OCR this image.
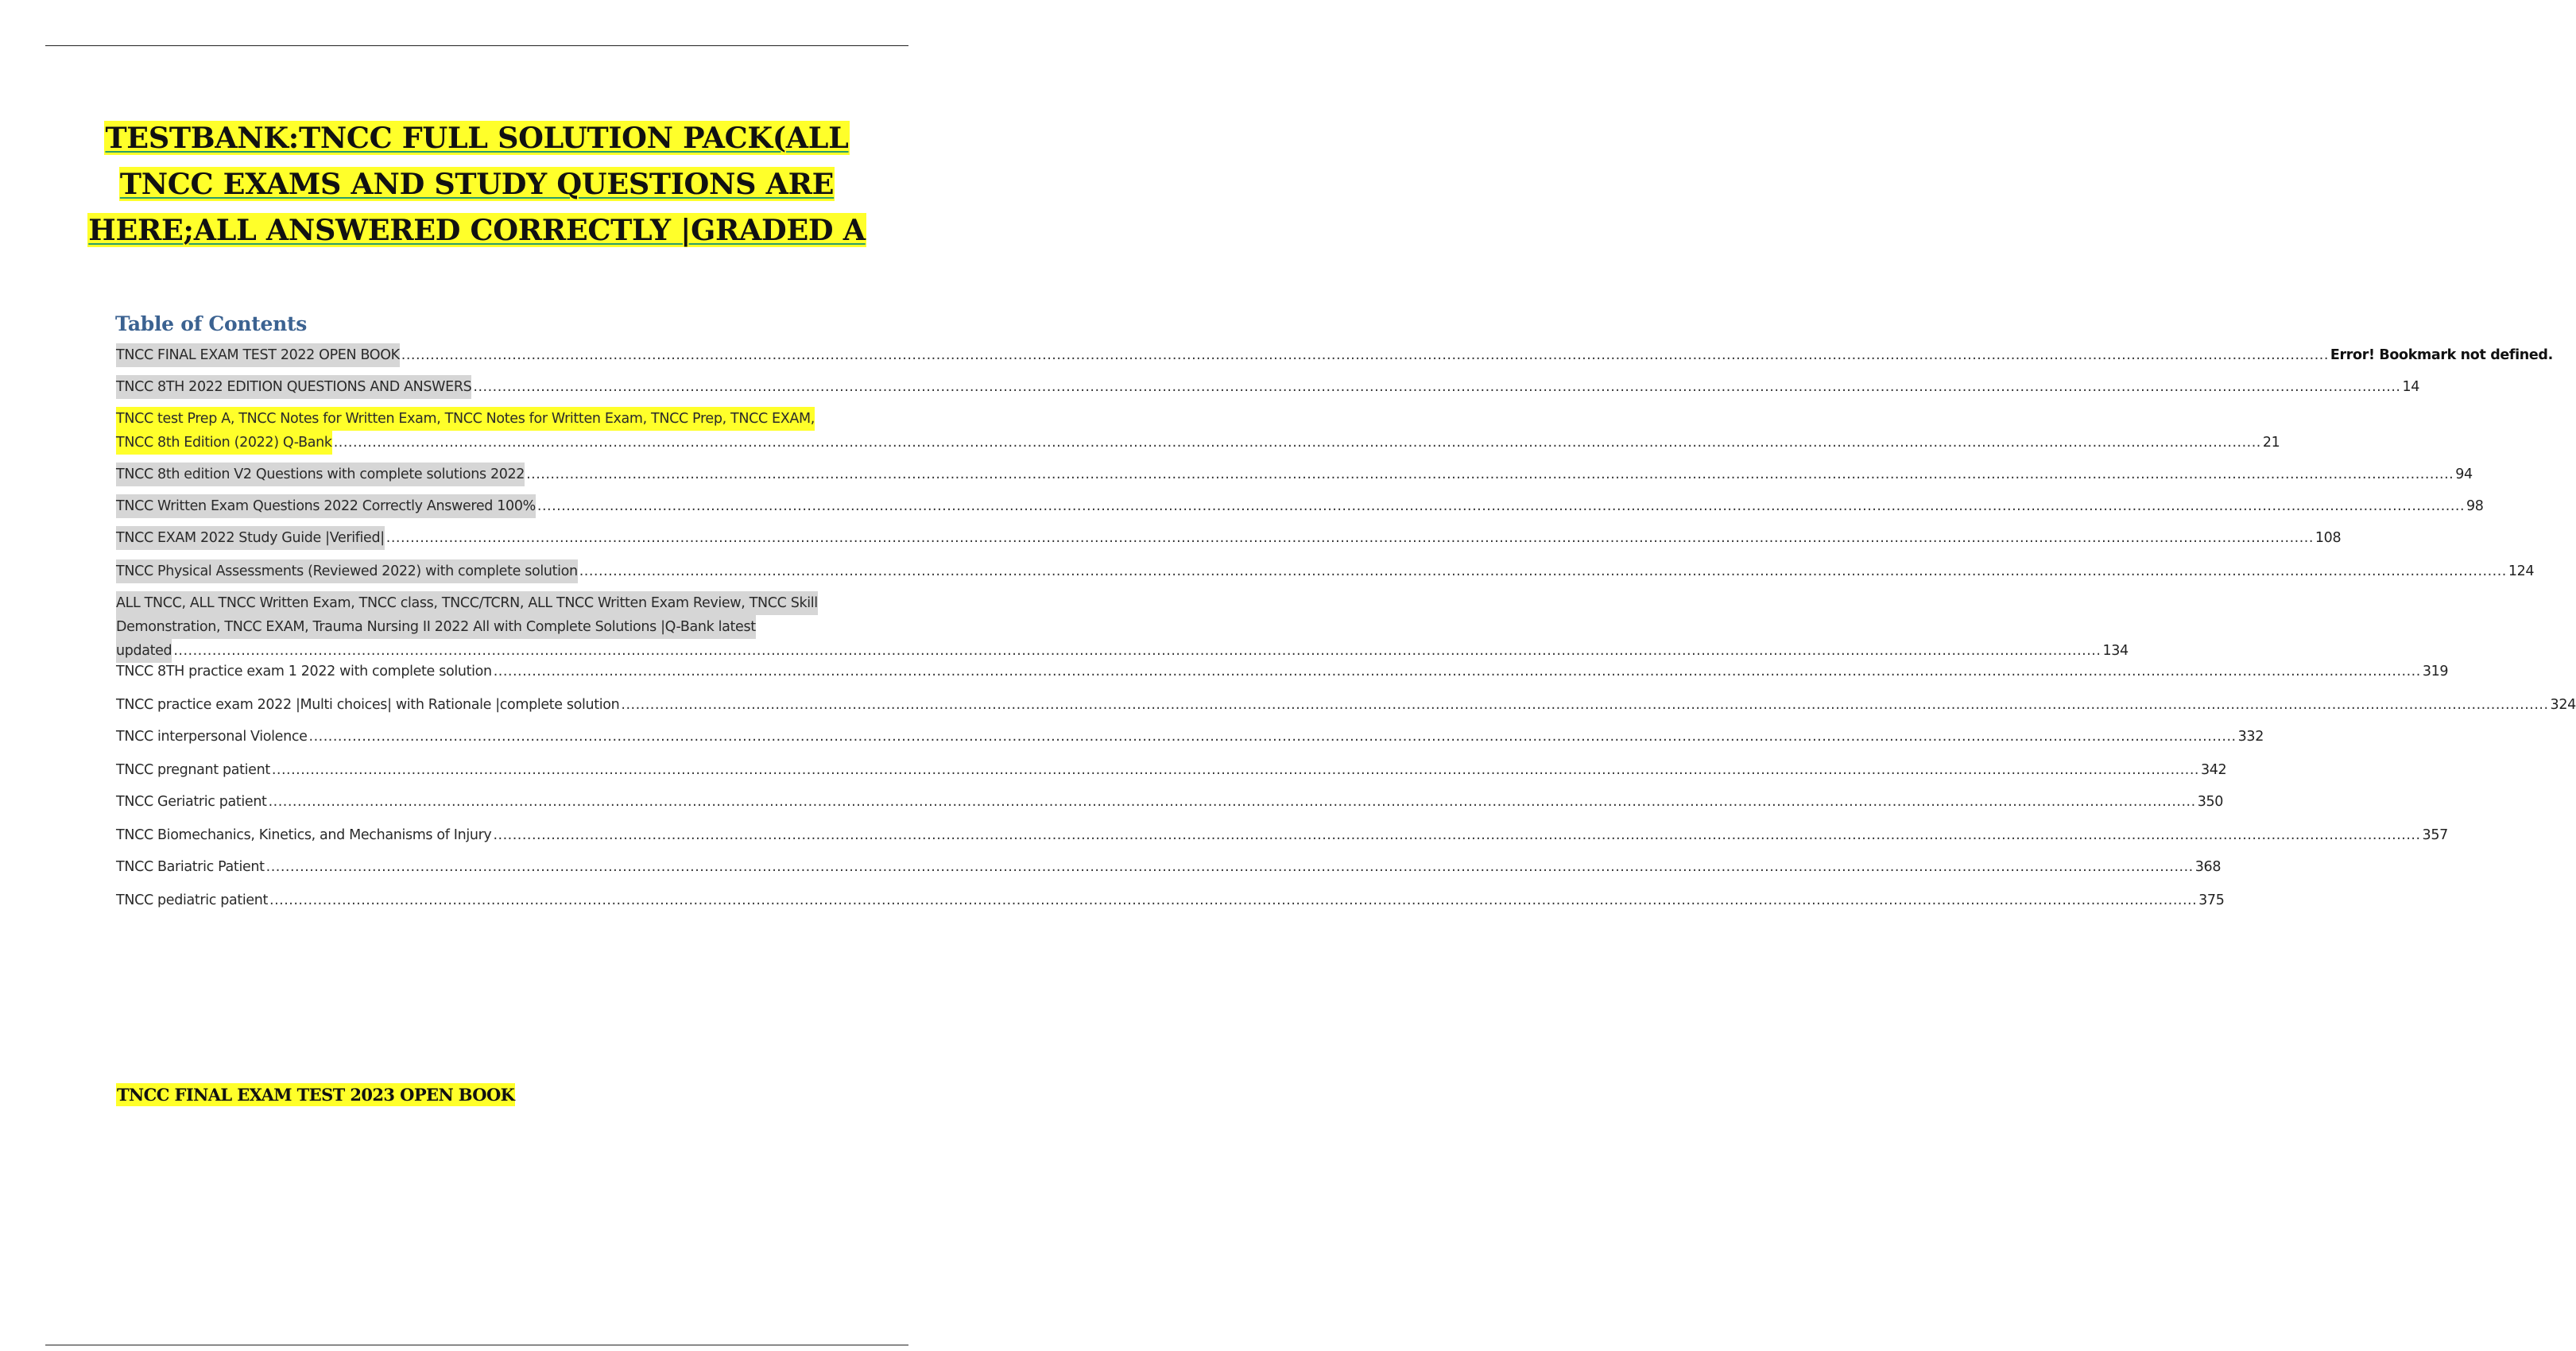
TESTBANK:TNCC FULL SOLUTION PACK(ALL
TNCC EXAMS AND STUDY QUESTIONS ARE
HERE;ALL ANSWERED CORRECTLY |GRADED A
Table of Contents
TNCC FINAL EXAM TEST 2022 OPEN BOOK ................................................................................................................................................................................................................................................................................................................................................................................................................ Error! Bookmark not defined.
TNCC 8TH 2022 EDITION QUESTIONS AND ANSWERS ................................................................................................................................................................................................................................................................................................................................................................................................................ 14
TNCC test Prep A, TNCC Notes for Written Exam, TNCC Notes for Written Exam, TNCC Prep, TNCC EXAM,
TNCC 8th Edition (2022) Q-Bank ................................................................................................................................................................................................................................................................................................................................................................................................................ 21
TNCC 8th edition V2 Questions with complete solutions 2022 ................................................................................................................................................................................................................................................................................................................................................................................................................ 94
TNCC Written Exam Questions 2022 Correctly Answered 100% ................................................................................................................................................................................................................................................................................................................................................................................................................ 98
TNCC EXAM 2022 Study Guide |Verified| ................................................................................................................................................................................................................................................................................................................................................................................................................ 108
TNCC Physical Assessments (Reviewed 2022) with complete solution ................................................................................................................................................................................................................................................................................................................................................................................................................ 124
ALL TNCC, ALL TNCC Written Exam, TNCC class, TNCC/TCRN, ALL TNCC Written Exam Review, TNCC Skill
Demonstration, TNCC EXAM, Trauma Nursing II 2022 All with Complete Solutions |Q-Bank latest
updated ................................................................................................................................................................................................................................................................................................................................................................................................................ 134
TNCC 8TH practice exam 1 2022 with complete solution ................................................................................................................................................................................................................................................................................................................................................................................................................ 319
TNCC practice exam 2022 |Multi choices| with Rationale |complete solution ................................................................................................................................................................................................................................................................................................................................................................................................................ 324
TNCC interpersonal Violence ................................................................................................................................................................................................................................................................................................................................................................................................................ 332
TNCC pregnant patient ................................................................................................................................................................................................................................................................................................................................................................................................................ 342
TNCC Geriatric patient ................................................................................................................................................................................................................................................................................................................................................................................................................ 350
TNCC Biomechanics, Kinetics, and Mechanisms of Injury ................................................................................................................................................................................................................................................................................................................................................................................................................ 357
TNCC Bariatric Patient ................................................................................................................................................................................................................................................................................................................................................................................................................ 368
TNCC pediatric patient ................................................................................................................................................................................................................................................................................................................................................................................................................ 375
TNCC FINAL EXAM TEST 2023 OPEN BOOK
